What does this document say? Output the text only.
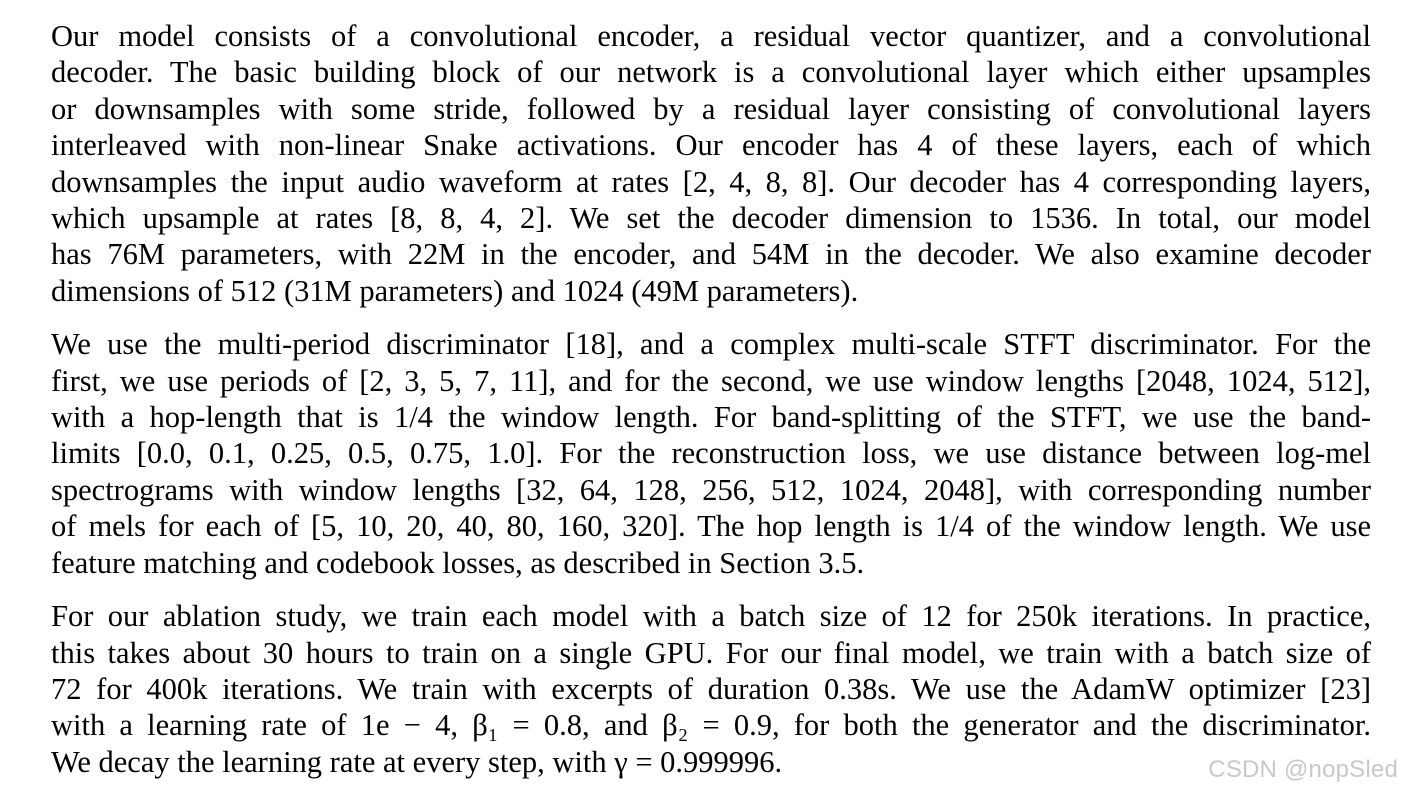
Our model consists of a convolutional encoder, a residual vector quantizer, and a convolutional
decoder. The basic building block of our network is a convolutional layer which either upsamples
or downsamples with some stride, followed by a residual layer consisting of convolutional layers
interleaved with non-linear Snake activations. Our encoder has 4 of these layers, each of which
downsamples the input audio waveform at rates [2, 4, 8, 8]. Our decoder has 4 corresponding layers,
which upsample at rates [8, 8, 4, 2]. We set the decoder dimension to 1536. In total, our model
has 76M parameters, with 22M in the encoder, and 54M in the decoder. We also examine decoder
dimensions of 512 (31M parameters) and 1024 (49M parameters).

We use the multi-period discriminator [18], and a complex multi-scale STFT discriminator. For the
first, we use periods of [2, 3, 5, 7, 11], and for the second, we use window lengths [2048, 1024, 512],
with a hop-length that is 1/4 the window length. For band-splitting of the STFT, we use the band-
limits [0.0, 0.1, 0.25, 0.5, 0.75, 1.0]. For the reconstruction loss, we use distance between log-mel
spectrograms with window lengths [32, 64, 128, 256, 512, 1024, 2048], with corresponding number
of mels for each of [5, 10, 20, 40, 80, 160, 320]. The hop length is 1/4 of the window length. We use
feature matching and codebook losses, as described in Section 3.5.

For our ablation study, we train each model with a batch size of 12 for 250k iterations. In practice,
this takes about 30 hours to train on a single GPU. For our final model, we train with a batch size of
72 for 400k iterations. We train with excerpts of duration 0.38s. We use the AdamW optimizer [23]
with a learning rate of 1e − 4, β₁ = 0.8, and β₂ = 0.9, for both the generator and the discriminator.
We decay the learning rate at every step, with γ = 0.999996.	CSDN @nopSled
